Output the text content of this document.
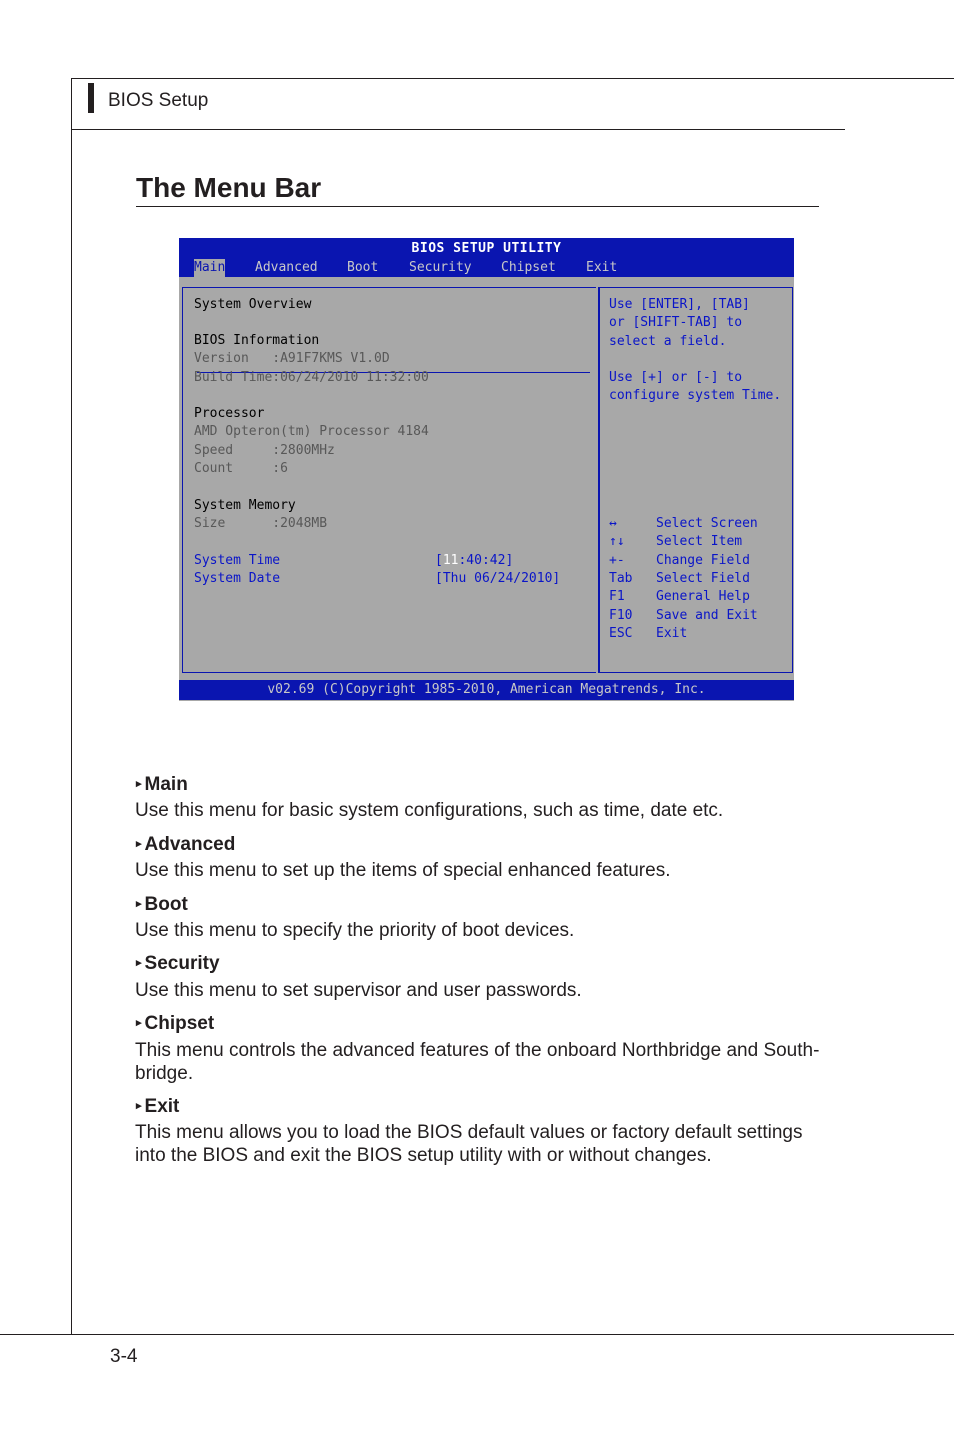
BIOS Setup
The Menu Bar
BIOS SETUP UTILITY
Main Advanced Boot Security Chipset Exit
System Overview
BIOS Information
Version   :A91F7KMS V1.0D
Build Time:06/24/2010 11:32:00
Processor
AMD Opteron(tm) Processor 4184
Speed     :2800MHz
Count     :6
System Memory
Size      :2048MB
System Time	[11:40:42]
System Date	[Thu 06/24/2010]
Use [ENTER], [TAB]
or [SHIFT-TAB] to
select a field.
Use [+] or [-] to
configure system Time.
↔	Select Screen
↑↓ Select Item
+- Change Field
Tab Select Field
F1 General Help
F10 Save and Exit
ESC Exit
v02.69 (C)Copyright 1985-2010, American Megatrends, Inc.
▸ Main
Use this menu for basic system configurations, such as time, date etc.
▸ Advanced
Use this menu to set up the items of special enhanced features.
▸ Boot
Use this menu to specify the priority of boot devices.
▸ Security
Use this menu to set supervisor and user passwords.
▸ Chipset
This menu controls the advanced features of the onboard Northbridge and South-bridge.
▸ Exit
This menu allows you to load the BIOS default values or factory default settings into the BIOS and exit the BIOS setup utility with or without changes.
3-4
